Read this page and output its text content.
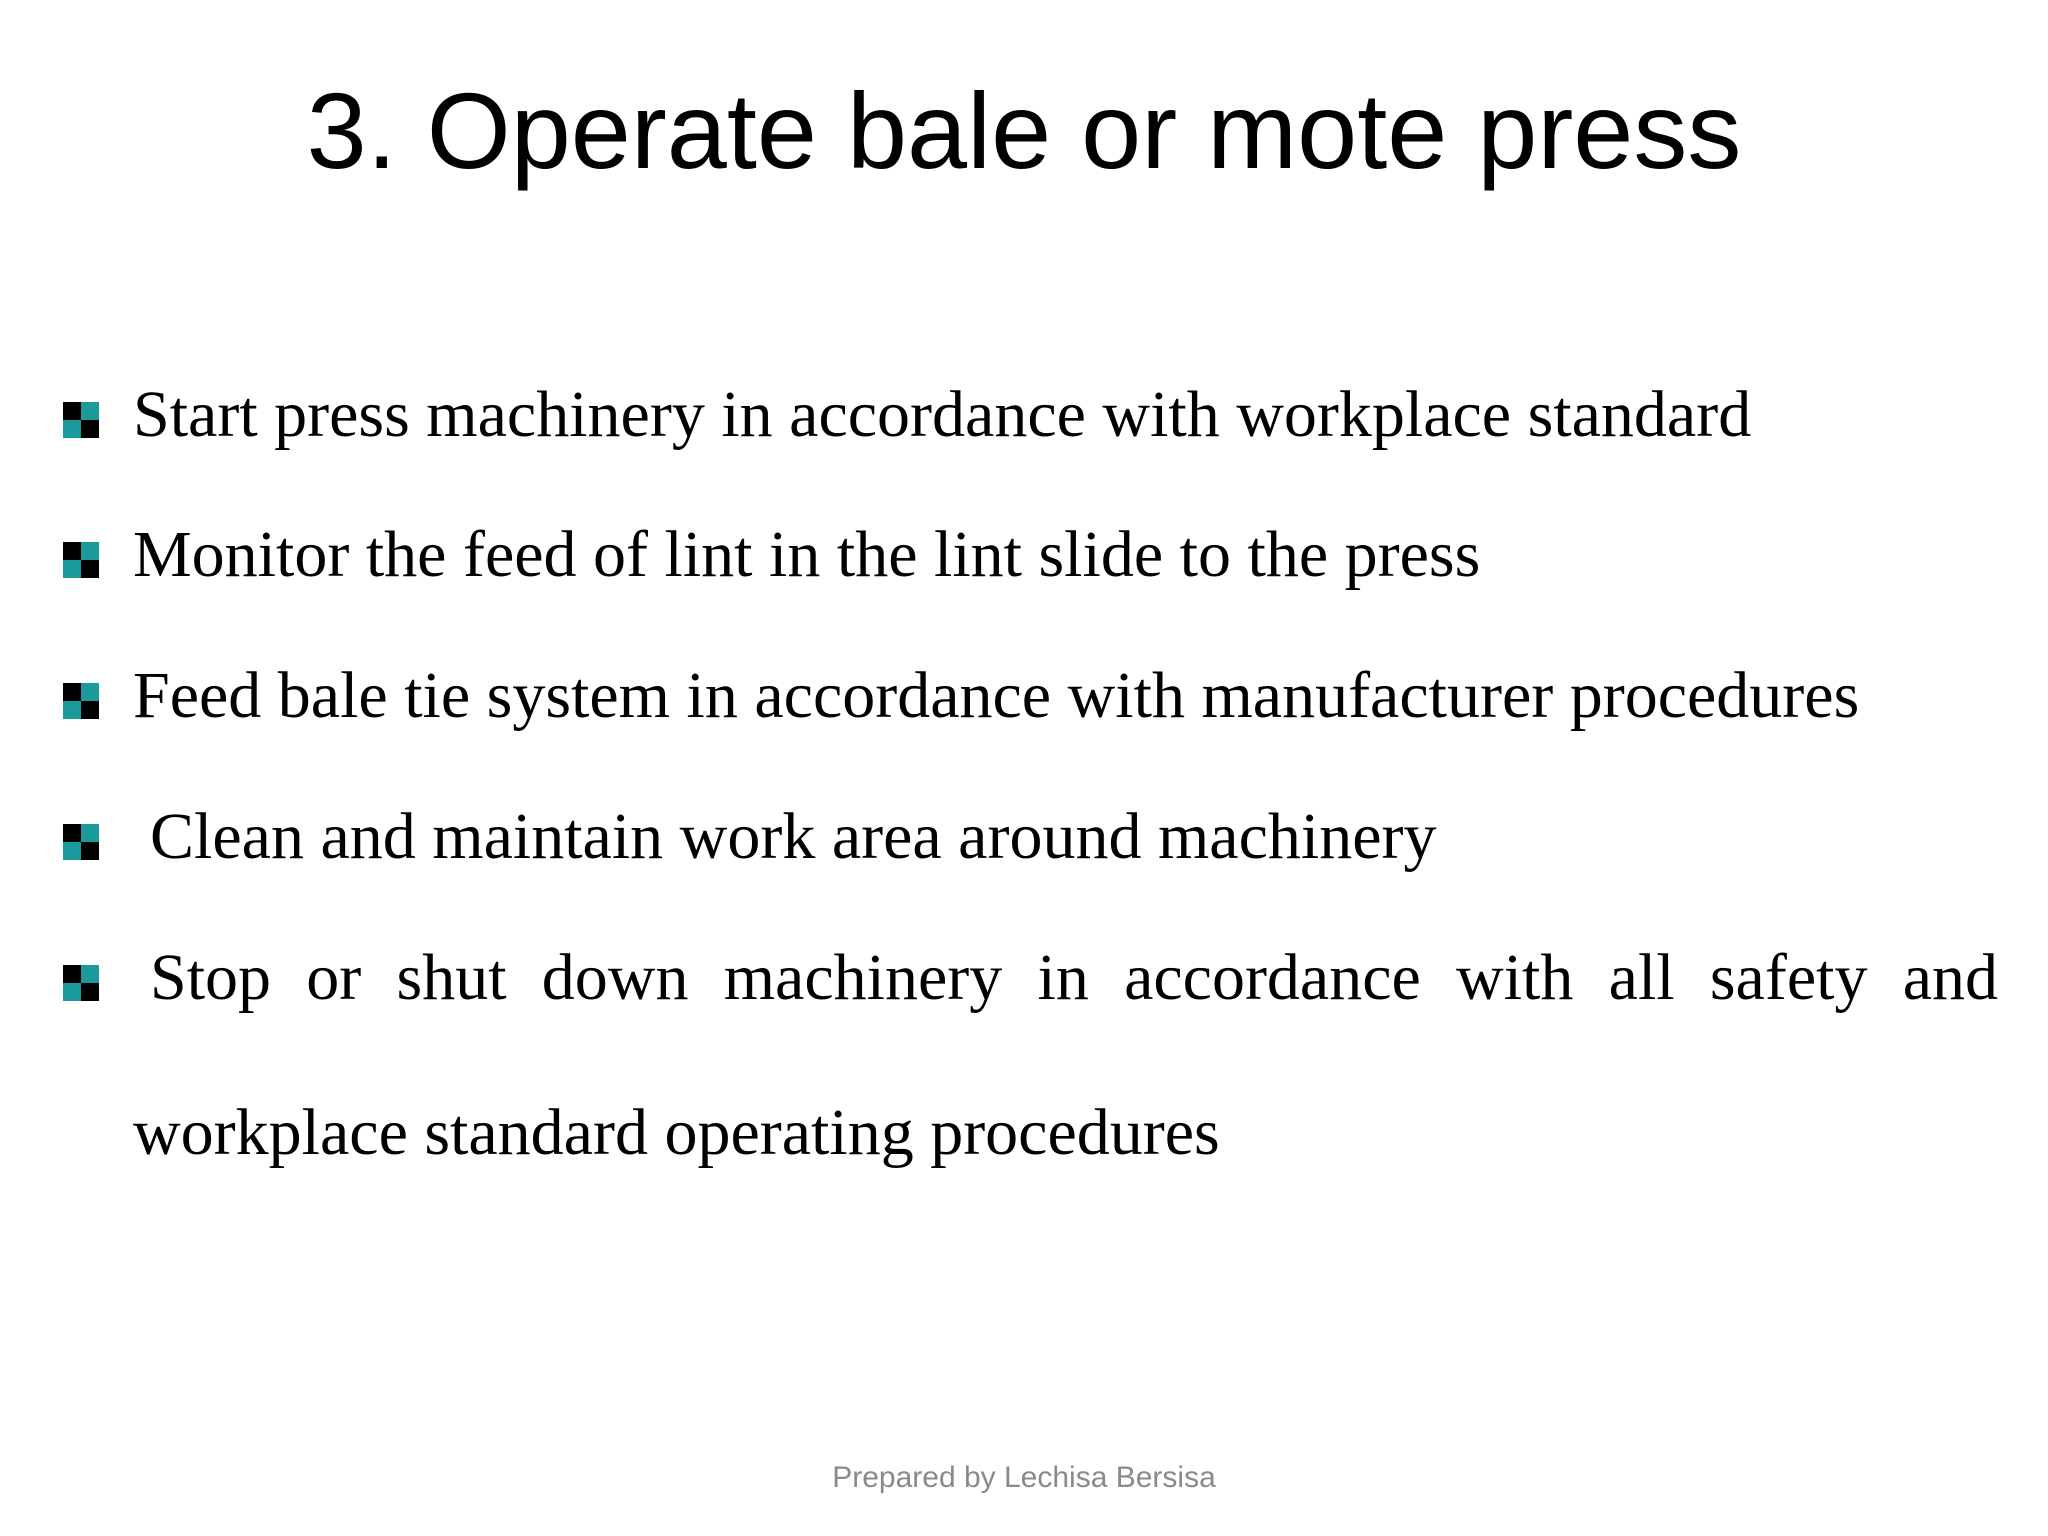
3. Operate bale or mote press
Start press machinery in accordance with workplace standard
Monitor the feed of lint in the lint slide to the press
Feed bale tie system in accordance with manufacturer procedures
Clean and maintain work area around machinery
Stop or shut down machinery in accordance with all safety and
workplace standard operating procedures
Prepared by Lechisa Bersisa
